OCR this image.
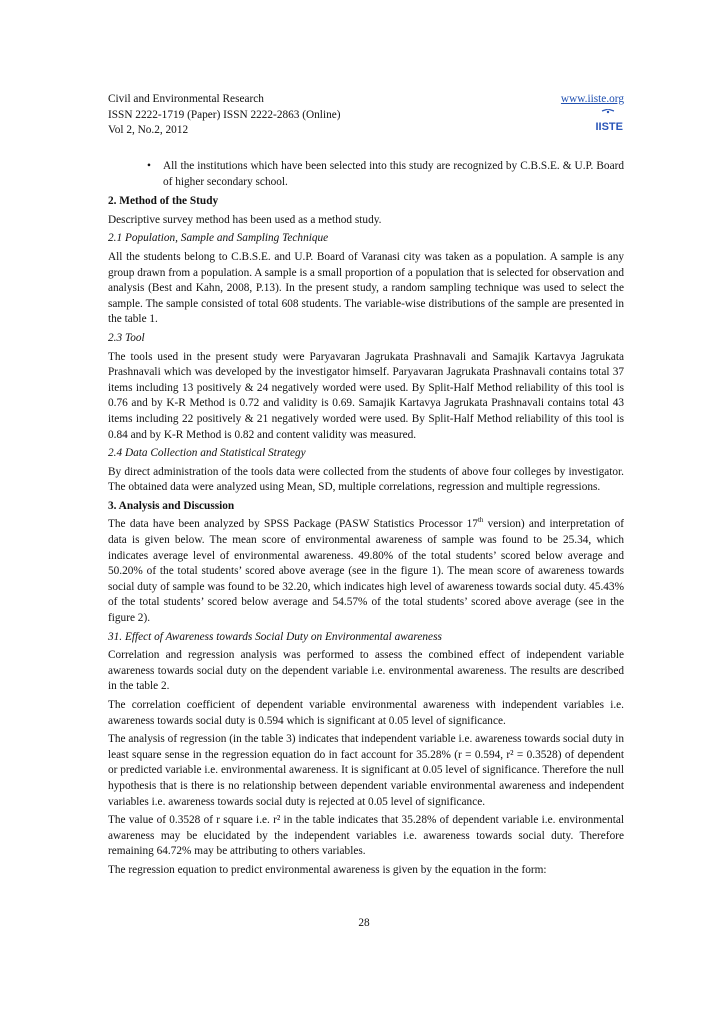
Civil and Environmental Research
ISSN 2222-1719 (Paper) ISSN 2222-2863 (Online)
Vol 2, No.2, 2012
www.iiste.org
IISTE
•	All the institutions which have been selected into this study are recognized by C.B.S.E. & U.P. Board of higher secondary school.
2. Method of the Study

Descriptive survey method has been used as a method study.

2.1 Population, Sample and Sampling Technique

All the students belong to C.B.S.E. and U.P. Board of Varanasi city was taken as a population. A sample is any group drawn from a population. A sample is a small proportion of a population that is selected for observation and analysis (Best and Kahn, 2008, P.13). In the present study, a random sampling technique was used to select the sample. The sample consisted of total 608 students. The variable-wise distributions of the sample are presented in the table 1.

2.3 Tool

The tools used in the present study were Paryavaran Jagrukata Prashnavali and Samajik Kartavya Jagrukata Prashnavali which was developed by the investigator himself. Paryavaran Jagrukata Prashnavali contains total 37 items including 13 positively & 24 negatively worded were used. By Split-Half Method reliability of this tool is 0.76 and by K-R Method is 0.72 and validity is 0.69. Samajik Kartavya Jagrukata Prashnavali contains total 43 items including 22 positively & 21 negatively worded were used. By Split-Half Method reliability of this tool is 0.84 and by K-R Method is 0.82 and content validity was measured.

2.4 Data Collection and Statistical Strategy

By direct administration of the tools data were collected from the students of above four colleges by investigator. The obtained data were analyzed using Mean, SD, multiple correlations, regression and multiple regressions.

3. Analysis and Discussion

The data have been analyzed by SPSS Package (PASW Statistics Processor 17th version) and interpretation of data is given below. The mean score of environmental awareness of sample was found to be 25.34, which indicates average level of environmental awareness. 49.80% of the total students’ scored below average and 50.20% of the total students’ scored above average (see in the figure 1). The mean score of awareness towards social duty of sample was found to be 32.20, which indicates high level of awareness towards social duty. 45.43% of the total students’ scored below average and 54.57% of the total students’ scored above average (see in the figure 2).

31. Effect of Awareness towards Social Duty on Environmental awareness

Correlation and regression analysis was performed to assess the combined effect of independent variable awareness towards social duty on the dependent variable i.e. environmental awareness. The results are described in the table 2.

The correlation coefficient of dependent variable environmental awareness with independent variables i.e. awareness towards social duty is 0.594 which is significant at 0.05 level of significance.

The analysis of regression (in the table 3) indicates that independent variable i.e. awareness towards social duty in least square sense in the regression equation do in fact account for 35.28% (r = 0.594, r² = 0.3528) of dependent or predicted variable i.e. environmental awareness. It is significant at 0.05 level of significance. Therefore the null hypothesis that is there is no relationship between dependent variable environmental awareness and independent variables i.e. awareness towards social duty is rejected at 0.05 level of significance.

The value of 0.3528 of r square i.e. r² in the table indicates that 35.28% of dependent variable i.e. environmental awareness may be elucidated by the independent variables i.e. awareness towards social duty. Therefore remaining 64.72% may be attributing to others variables.

The regression equation to predict environmental awareness is given by the equation in the form:

28
